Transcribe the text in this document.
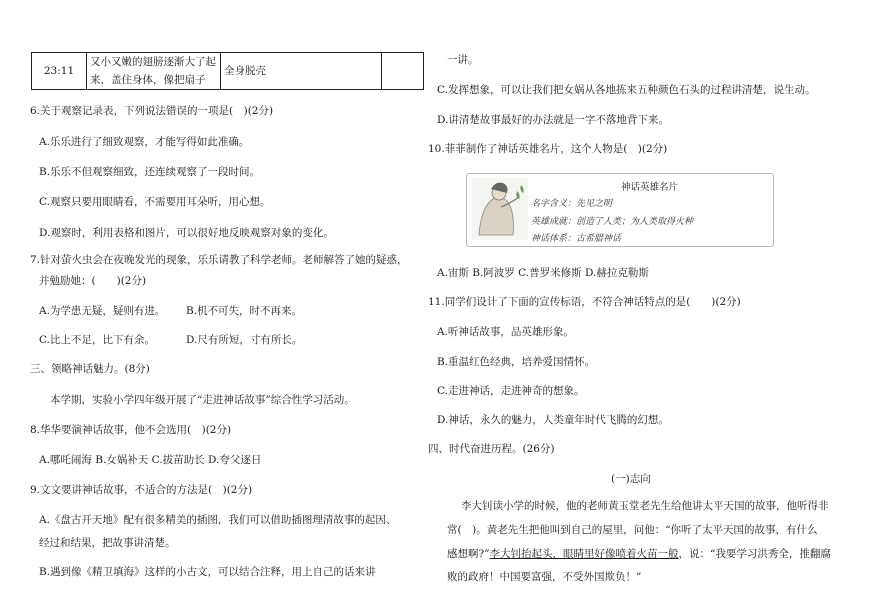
23:11	又小又嫩的翅膀逐渐大了起
来，盖住身体，像把扇子	全身脱壳	
6.关于观察记录表，下列说法错误的一项是(　)(2分)
A.乐乐进行了细致观察，才能写得如此准确。
B.乐乐不但观察细致，还连续观察了一段时间。
C.观察只要用眼睛看，不需要用耳朵听，用心想。
D.观察时，利用表格和图片，可以很好地反映观察对象的变化。
7.针对萤火虫会在夜晚发光的现象，乐乐请教了科学老师。老师解答了她的疑惑，
并勉励她：(　　)(2分)
A.为学患无疑，疑则有进。 B.机不可失，时不再来。
C.比上不足，比下有余。	D.尺有所短，寸有所长。
三、领略神话魅力。(8分)
本学期，实验小学四年级开展了“走进神话故事”综合性学习活动。
8.华华要演神话故事，他不会选用(　)(2分)
A.哪吒闹海 B.女娲补天 C.拔苗助长 D.夸父逐日
9.文文要讲神话故事，不适合的方法是(　)(2分)
A.《盘古开天地》配有很多精美的插图，我们可以借助插图理清故事的起因、
经过和结果，把故事讲清楚。
B.遇到像《精卫填海》这样的小古文，可以结合注释，用上自己的话来讲
一讲。
C.发挥想象，可以让我们把女娲从各地拣来五种颜色石头的过程讲清楚，说生动。
D.讲清楚故事最好的办法就是一字不落地背下来。
10.菲菲制作了神话英雄名片，这个人物是(　)(2分)
神话英雄名片
名字含义：先见之明
英雄成就：创造了人类；为人类取得火种
神话体系：古希腊神话
A.宙斯 B.阿波罗 C.普罗米修斯 D.赫拉克勒斯
11.同学们设计了下面的宣传标语，不符合神话特点的是(　　)(2分)
A.听神话故事，品英雄形象。
B.重温红色经典，培养爱国情怀。
C.走进神话，走进神奇的想象。
D.神话，永久的魅力，人类童年时代飞腾的幻想。
四、时代奋进历程。(26分)
(一)志向
李大钊读小学的时候，他的老师黄玉堂老先生给他讲太平天国的故事，他听得非
常(　)。黄老先生把他叫到自己的屋里，问他：“你听了太平天国的故事，有什么
感想啊?”李大钊抬起头，眼睛里好像喷着火苗一般，说：“我要学习洪秀全，推翻腐
败的政府！中国要富强，不受外国欺负！”
